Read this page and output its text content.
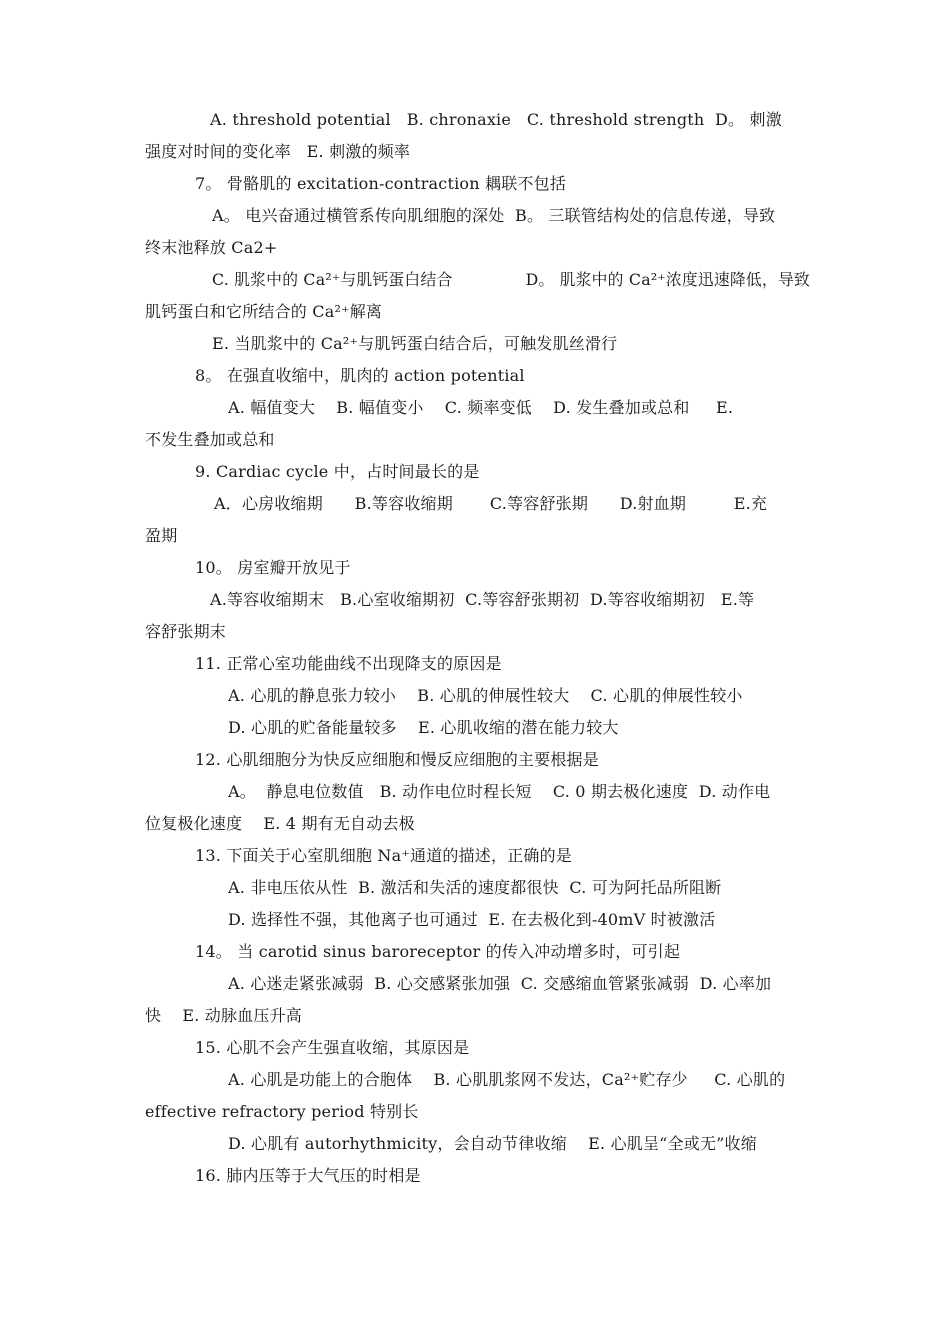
A. threshold potential   B. chronaxie   C. threshold strength  D。 刺激
强度对时间的变化率   E. 刺激的频率
7。 骨骼肌的 excitation-contraction 耦联不包括
A。 电兴奋通过横管系传向肌细胞的深处  B。 三联管结构处的信息传递，导致
终末池释放 Ca2+
C. 肌浆中的 Ca²⁺与肌钙蛋白结合              D。 肌浆中的 Ca²⁺浓度迅速降低，导致
肌钙蛋白和它所结合的 Ca²⁺解离
E. 当肌浆中的 Ca²⁺与肌钙蛋白结合后，可触发肌丝滑行
8。 在强直收缩中，肌肉的 action potential
A. 幅值变大    B. 幅值变小    C. 频率变低    D. 发生叠加或总和     E.
不发生叠加或总和
9. Cardiac cycle 中，占时间最长的是
A．心房收缩期      B.等容收缩期       C.等容舒张期      D.射血期         E.充
盈期
10。 房室瓣开放见于
A.等容收缩期末   B.心室收缩期初  C.等容舒张期初  D.等容收缩期初   E.等
容舒张期末
11. 正常心室功能曲线不出现降支的原因是
A. 心肌的静息张力较小    B. 心肌的伸展性较大    C. 心肌的伸展性较小
D. 心肌的贮备能量较多    E. 心肌收缩的潜在能力较大
12. 心肌细胞分为快反应细胞和慢反应细胞的主要根据是
A。  静息电位数值   B. 动作电位时程长短    C. 0 期去极化速度  D. 动作电
位复极化速度    E. 4 期有无自动去极
13. 下面关于心室肌细胞 Na⁺通道的描述，正确的是
A. 非电压依从性  B. 激活和失活的速度都很快  C. 可为阿托品所阻断
D. 选择性不强，其他离子也可通过  E. 在去极化到-40mV 时被激活
14。 当 carotid sinus baroreceptor 的传入冲动增多时，可引起
A. 心迷走紧张减弱  B. 心交感紧张加强  C. 交感缩血管紧张减弱  D. 心率加
快    E. 动脉血压升高
15. 心肌不会产生强直收缩，其原因是
A. 心肌是功能上的合胞体    B. 心肌肌浆网不发达，Ca²⁺贮存少     C. 心肌的
effective refractory period 特别长
D. 心肌有 autorhythmicity，会自动节律收缩    E. 心肌呈“全或无”收缩
16. 肺内压等于大气压的时相是
